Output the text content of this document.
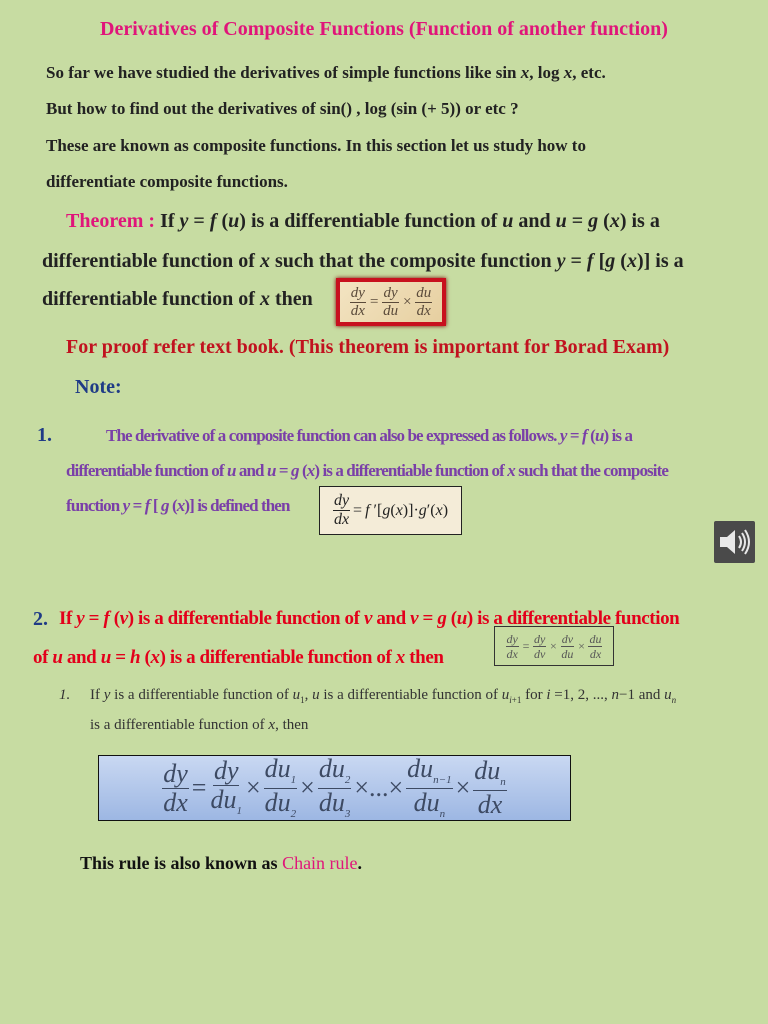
Derivatives of Composite Functions (Function of another function)
So far we have studied the derivatives of simple functions like sin x, log x, etc.
But how to find out the derivatives of sin() , log (sin (+ 5)) or etc ?
These are known as composite functions. In this section let us study how to
differentiate composite functions.
Theorem : If y = f (u) is a differentiable function of u and u = g (x) is a
differentiable function of x such that the composite function y = f [g (x)] is a
differentiable function of x then $\frac{dy}{dx} = \frac{dy}{du} \times \frac{du}{dx}$
For proof refer text book. (This theorem is important for Borad Exam)
Note:
1.	The derivative of a composite function can also be expressed as follows. y = f (u) is a
differentiable function of u and u = g (x) is a differentiable function of x such that the composite
function y = f [ g (x)] is defined then	$\frac{dy}{dx} = f$ ′[g(x)]·g′(x)
2. If y = f (v) is a differentiable function of v and v = g (u) is a differentiable function
of u and u = h (x) is a differentiable function of x then	$\frac{dy}{dx} = \frac{dy}{dv} \times \frac{dv}{du} \times \frac{du}{dx}$
1. If y is a differentiable function of $u_1$, u is a differentiable function of $u_{i+1}$ for i =1, 2, ..., n−1 and $u_n$
is a differentiable function of x, then
$\frac{dy}{dx} = \frac{dy}{du_1} \times \frac{du_1}{du_2} \times \frac{du_2}{du_3}$ ×...× $\frac{du_{n-1}}{du_n} \times \frac{du_n}{dx}$
This rule is also known as Chain rule.
